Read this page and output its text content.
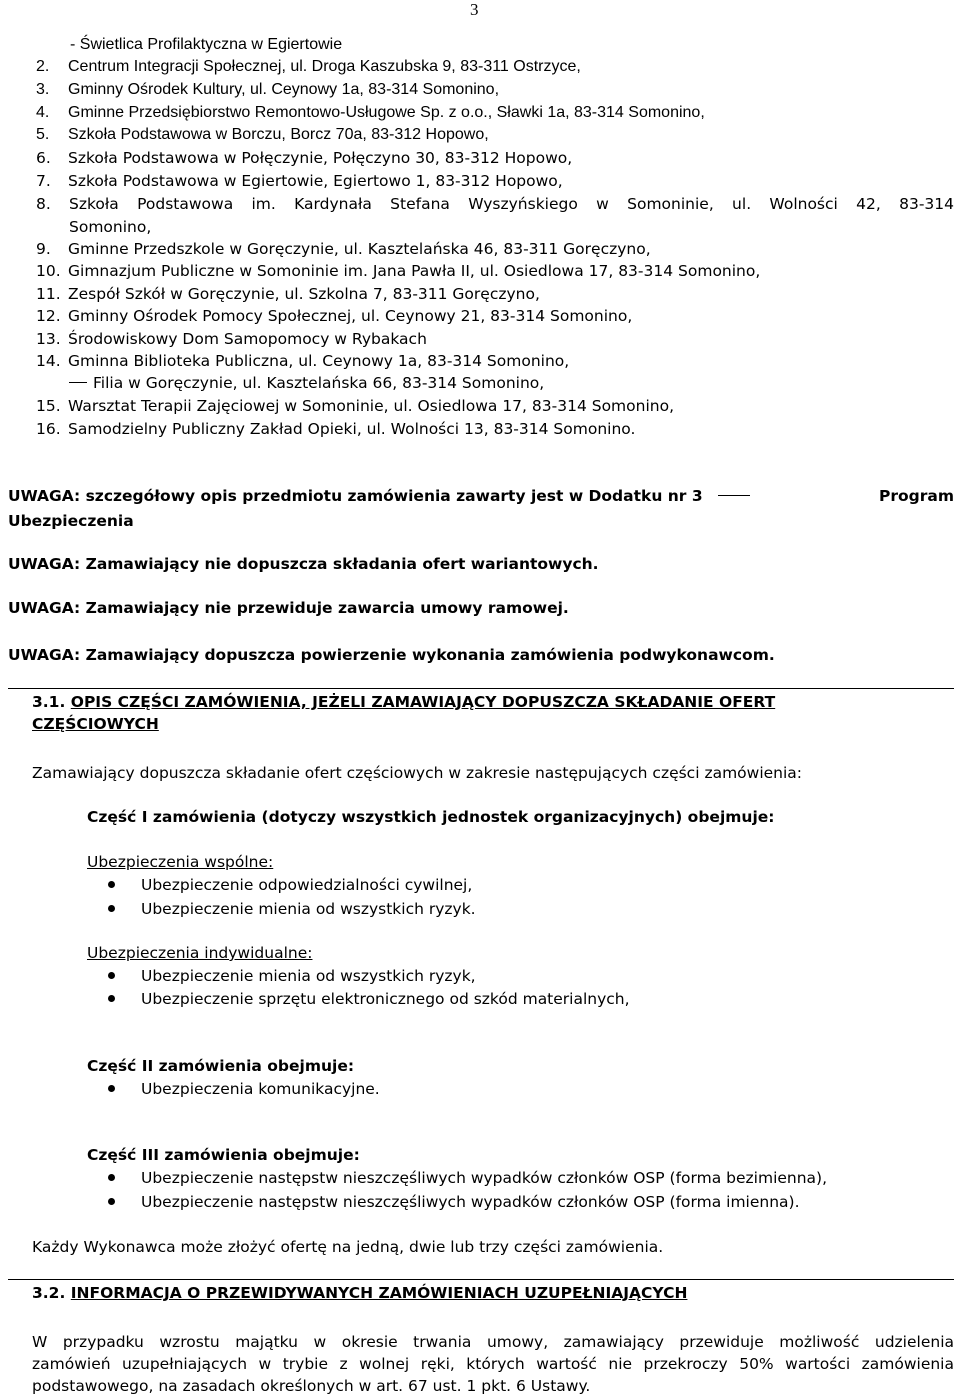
3
- Świetlica Profilaktyczna w Egiertowie
2. Centrum Integracji Społecznej, ul. Droga Kaszubska 9, 83-311 Ostrzyce,
3. Gminny Ośrodek Kultury, ul. Ceynowy 1a, 83-314 Somonino,
4. Gminne Przedsiębiorstwo Remontowo-Usługowe Sp. z o.o., Sławki 1a, 83-314 Somonino,
5. Szkoła Podstawowa w Borczu, Borcz 70a, 83-312 Hopowo,
6. Szkoła Podstawowa w Połęczynie, Połęczyno 30, 83-312 Hopowo,
7. Szkoła Podstawowa w Egiertowie, Egiertowo 1, 83-312 Hopowo,
8. Szkoła Podstawowa im. Kardynała Stefana Wyszyńskiego w Somoninie, ul. Wolności 42, 83-314
Somonino,
9. Gminne Przedszkole w Goręczynie, ul. Kasztelańska 46, 83-311 Goręczyno,
10. Gimnazjum Publiczne w Somoninie im. Jana Pawła II, ul. Osiedlowa 17, 83-314 Somonino,
11. Zespół Szkół w Goręczynie, ul. Szkolna 7, 83-311 Goręczyno,
12. Gminny Ośrodek Pomocy Społecznej, ul. Ceynowy 21, 83-314 Somonino,
13. Środowiskowy Dom Samopomocy w Rybakach
14. Gminna Biblioteka Publiczna, ul. Ceynowy 1a, 83-314 Somonino,
Filia w Goręczynie, ul. Kasztelańska 66, 83-314 Somonino,
15. Warsztat Terapii Zajęciowej w Somoninie, ul. Osiedlowa 17, 83-314 Somonino,
16. Samodzielny Publiczny Zakład Opieki, ul. Wolności 13, 83-314 Somonino.
UWAGA: szczegółowy opis przedmiotu zamówienia zawarty jest w Dodatku nr 3	Program
Ubezpieczenia
UWAGA: Zamawiający nie dopuszcza składania ofert wariantowych.
UWAGA: Zamawiający nie przewiduje zawarcia umowy ramowej.
UWAGA: Zamawiający dopuszcza powierzenie wykonania zamówienia podwykonawcom.
3.1. OPIS CZĘŚCI ZAMÓWIENIA, JEŻELI ZAMAWIAJĄCY DOPUSZCZA SKŁADANIE OFERT
CZĘŚCIOWYCH
Zamawiający dopuszcza składanie ofert częściowych w zakresie następujących części zamówienia:
Część I zamówienia (dotyczy wszystkich jednostek organizacyjnych) obejmuje:
Ubezpieczenia wspólne:
Ubezpieczenie odpowiedzialności cywilnej,
Ubezpieczenie mienia od wszystkich ryzyk.
Ubezpieczenia indywidualne:
Ubezpieczenie mienia od wszystkich ryzyk,
Ubezpieczenie sprzętu elektronicznego od szkód materialnych,
Część II zamówienia obejmuje:
Ubezpieczenia komunikacyjne.
Część III zamówienia obejmuje:
Ubezpieczenie następstw nieszczęśliwych wypadków członków OSP (forma bezimienna),
Ubezpieczenie następstw nieszczęśliwych wypadków członków OSP (forma imienna).
Każdy Wykonawca może złożyć ofertę na jedną, dwie lub trzy części zamówienia.
3.2. INFORMACJA O PRZEWIDYWANYCH ZAMÓWIENIACH UZUPEŁNIAJĄCYCH
W przypadku wzrostu majątku w okresie trwania umowy, zamawiający przewiduje możliwość udzielenia
zamówień uzupełniających w trybie z wolnej ręki, których wartość nie przekroczy 50% wartości zamówienia
podstawowego, na zasadach określonych w art. 67 ust. 1 pkt. 6 Ustawy.
